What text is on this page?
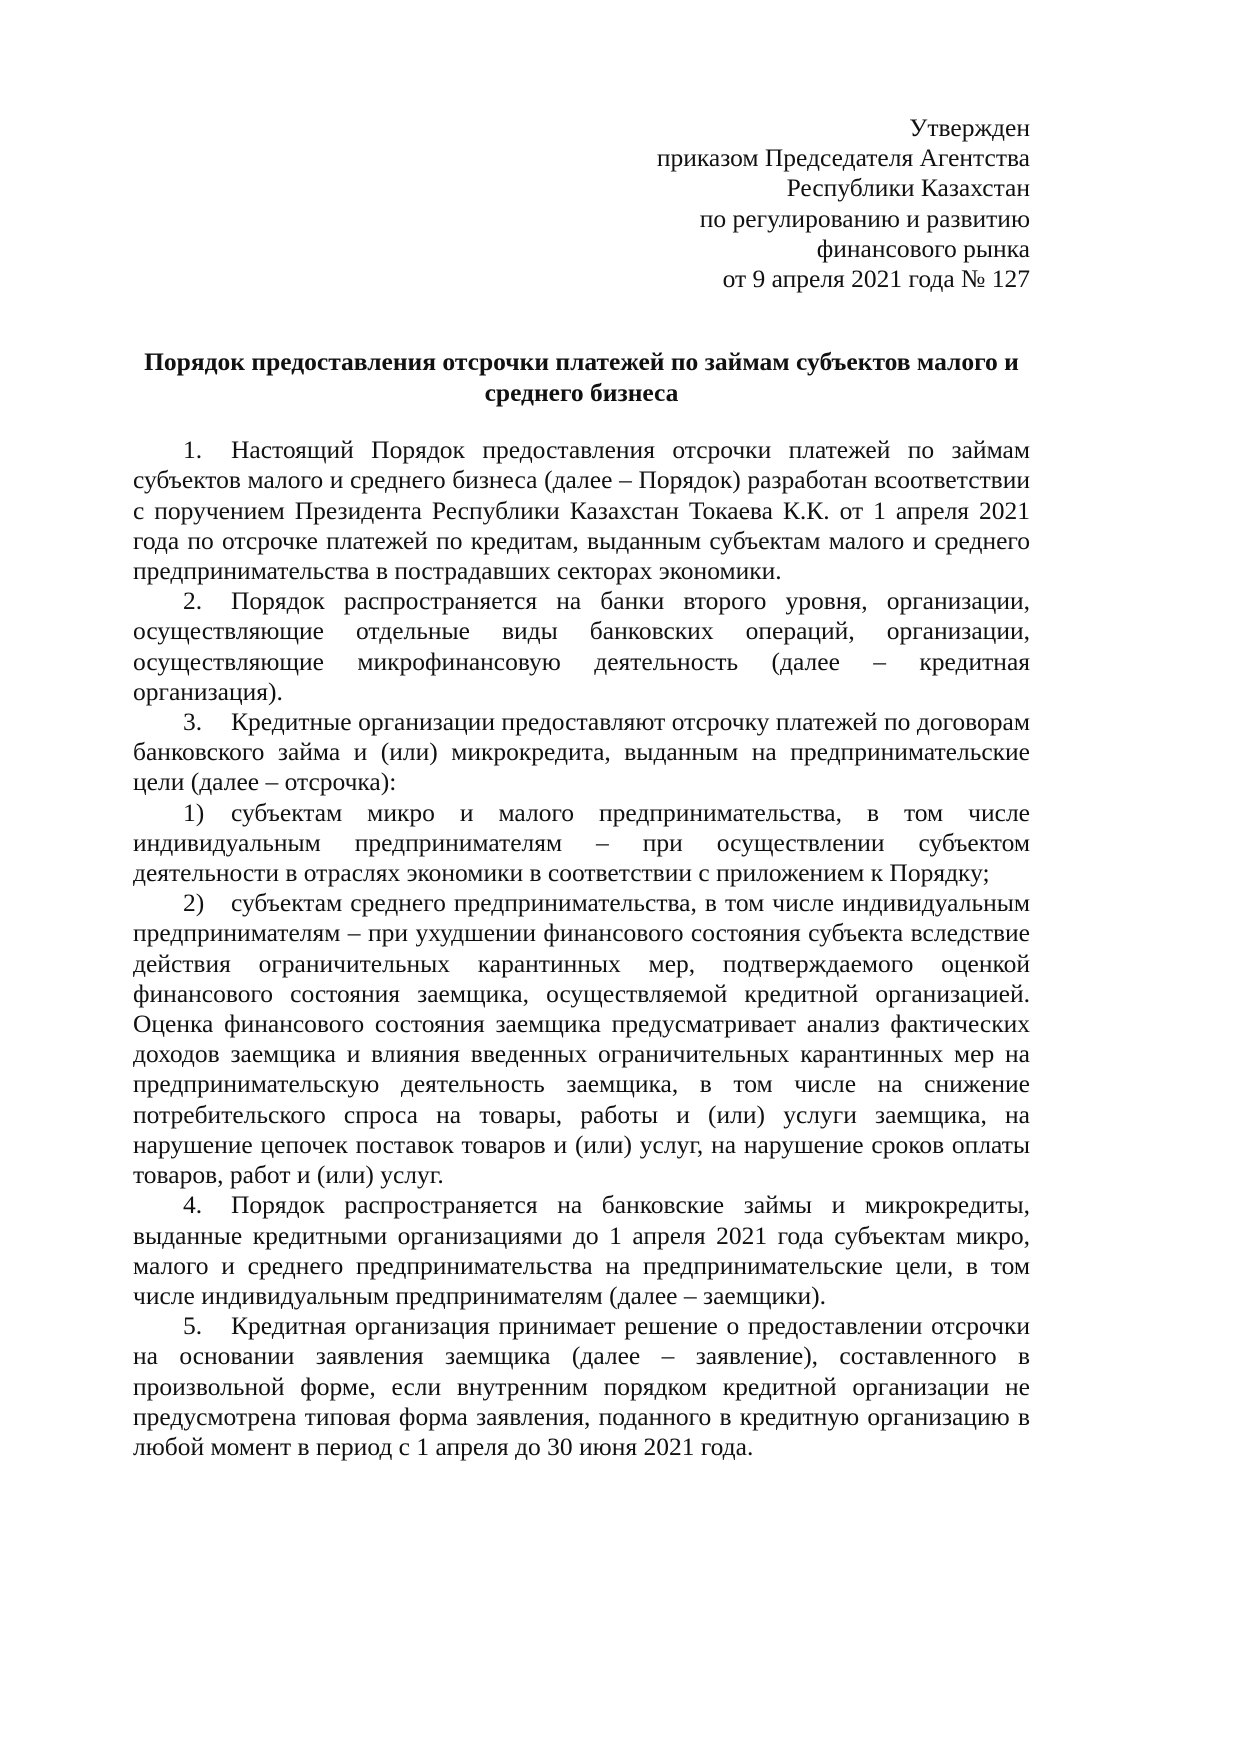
Утвержден
приказом Председателя Агентства
Республики Казахстан
по регулированию и развитию
финансового рынка
от 9 апреля 2021 года № 127
Порядок предоставления отсрочки платежей по займам субъектов малого и среднего бизнеса

1. Настоящий Порядок предоставления отсрочки платежей по займам субъектов малого и среднего бизнеса (далее – Порядок) разработан всоответствии с поручением Президента Республики Казахстан Токаева К.К. от 1 апреля 2021 года по отсрочке платежей по кредитам, выданным субъектам малого и среднего предпринимательства в пострадавших секторах экономики.

2. Порядок распространяется на банки второго уровня, организации, осуществляющие отдельные виды банковских операций, организации, осуществляющие микрофинансовую деятельность (далее – кредитная организация).

3. Кредитные организации предоставляют отсрочку платежей по договорам банковского займа и (или) микрокредита, выданным на предпринимательские цели (далее – отсрочка):

1) субъектам микро и малого предпринимательства, в том числе индивидуальным предпринимателям – при осуществлении субъектом деятельности в отраслях экономики в соответствии с приложением к Порядку;

2) субъектам среднего предпринимательства, в том числе индивидуальным предпринимателям – при ухудшении финансового состояния субъекта вследствие действия ограничительных карантинных мер, подтверждаемого оценкой финансового состояния заемщика, осуществляемой кредитной организацией. Оценка финансового состояния заемщика предусматривает анализ фактических доходов заемщика и влияния введенных ограничительных карантинных мер на предпринимательскую деятельность заемщика, в том числе на снижение потребительского спроса на товары, работы и (или) услуги заемщика, на нарушение цепочек поставок товаров и (или) услуг, на нарушение сроков оплаты товаров, работ и (или) услуг.

4. Порядок распространяется на банковские займы и микрокредиты, выданные кредитными организациями до 1 апреля 2021 года субъектам микро, малого и среднего предпринимательства на предпринимательские цели, в том числе индивидуальным предпринимателям (далее – заемщики).

5. Кредитная организация принимает решение о предоставлении отсрочки на основании заявления заемщика (далее – заявление), составленного в произвольной форме, если внутренним порядком кредитной организации не предусмотрена типовая форма заявления, поданного в кредитную организацию в любой момент в период с 1 апреля до 30 июня 2021 года.
